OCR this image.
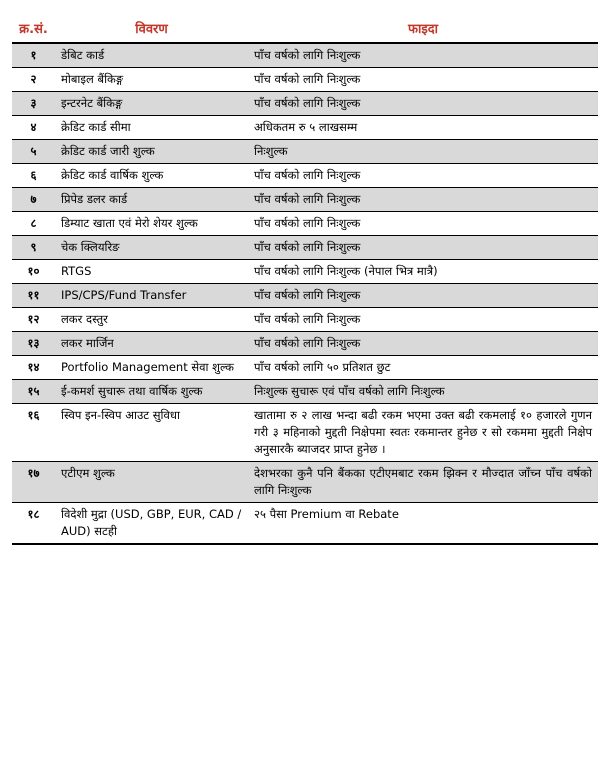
क्र.सं.	विवरण	फाइदा
१	डेबिट कार्ड	पाँच वर्षको लागि निःशुल्क
२	मोबाइल बैंकिङ्ग	पाँच वर्षको लागि निःशुल्क
३	इन्टरनेट बैंकिङ्ग	पाँच वर्षको लागि निःशुल्क
४	क्रेडिट कार्ड सीमा	अधिकतम रु ५ लाखसम्म
५	क्रेडिट कार्ड जारी शुल्क	निःशुल्क
६	क्रेडिट कार्ड वार्षिक शुल्क	पाँच वर्षको लागि निःशुल्क
७	प्रिपेड डलर कार्ड	पाँच वर्षको लागि निःशुल्क
८	डिम्याट खाता एवं मेरो शेयर शुल्क	पाँच वर्षको लागि निःशुल्क
९	चेक क्लियरिङ	पाँच वर्षको लागि निःशुल्क
१०	RTGS	पाँच वर्षको लागि निःशुल्क (नेपाल भित्र मात्रै)
११	IPS/CPS/Fund Transfer	पाँच वर्षको लागि निःशुल्क
१२	लकर दस्तुर	पाँच वर्षको लागि निःशुल्क
१३	लकर मार्जिन	पाँच वर्षको लागि निःशुल्क
१४	Portfolio Management सेवा शुल्क	पाँच वर्षको लागि ५० प्रतिशत छुट
१५	ई-कमर्श सुचारू तथा वार्षिक शुल्क	निःशुल्क सुचारू एवं पाँच वर्षको लागि निःशुल्क
१६	स्विप इन-स्विप आउट सुविधा	खातामा रु २ लाख भन्दा बढी रकम भएमा उक्त बढी रकमलाई १० हजारले गुणन गरी ३ महिनाको मुद्दती निक्षेपमा स्वतः रकमान्तर हुनेछ र सो रकममा मुद्दती निक्षेप अनुसारकै ब्याजदर प्राप्त हुनेछ ।
१७	एटीएम शुल्क	देशभरका कुनै पनि बैंकका एटीएमबाट रकम झिक्न र मौज्दात जाँच्न पाँच वर्षको लागि निःशुल्क
१८	विदेशी मुद्रा (USD, GBP, EUR, CAD / AUD) सटही	२५ पैसा Premium वा Rebate
